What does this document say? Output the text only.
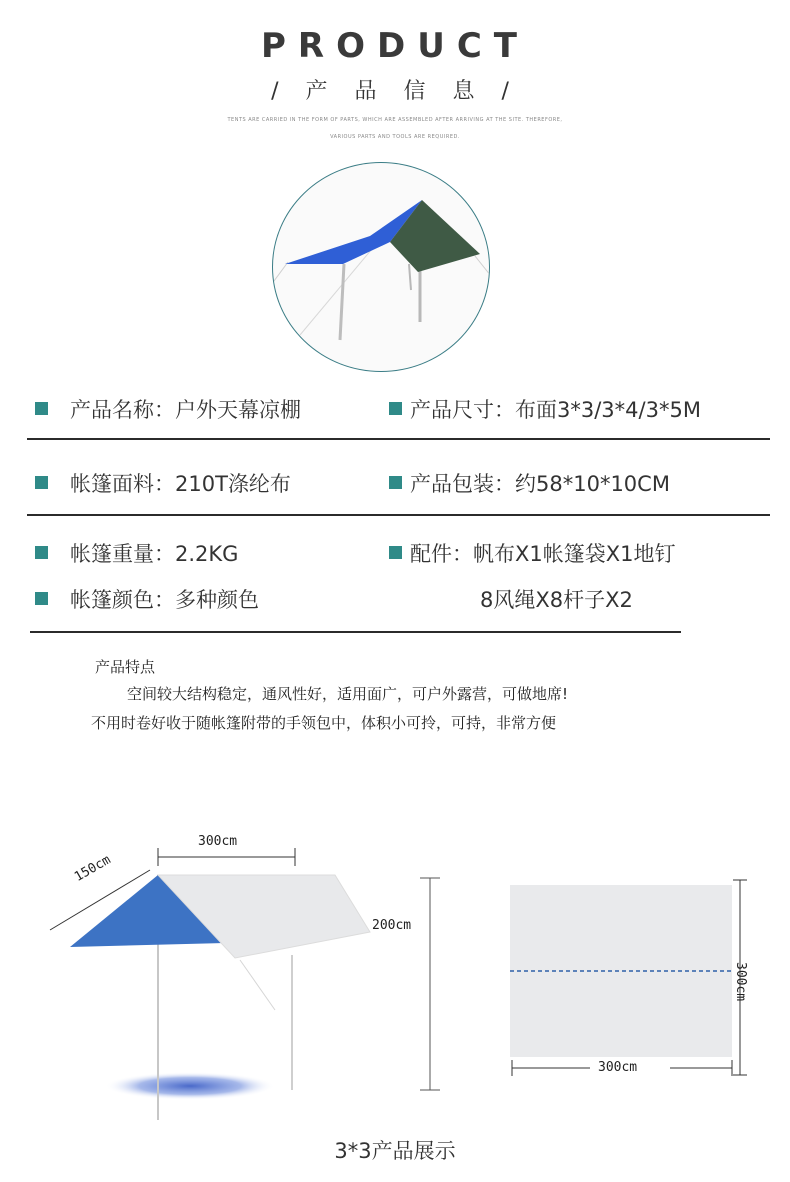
PRODUCT
/ 产 品 信 息 /
TENTS ARE CARRIED IN THE FORM OF PARTS, WHICH ARE ASSEMBLED AFTER ARRIVING AT THE SITE. THEREFORE,
VARIOUS PARTS AND TOOLS ARE REQUIRED.
产品名称：户外天幕凉棚	产品尺寸：布面3*3/3*4/3*5M
帐篷面料：210T涤纶布	产品包装：约58*10*10CM
帐篷重量：2.2KG	配件：帆布X1帐篷袋X1地钉
帐篷颜色：多种颜色	8风绳X8杆子X2
产品特点
空间较大结构稳定，通风性好，适用面广，可户外露营，可做地席!
不用时卷好收于随帐篷附带的手领包中，体积小可拎，可持，非常方便
300cm
150cm
200cm
300cm
300cm
3*3产品展示
